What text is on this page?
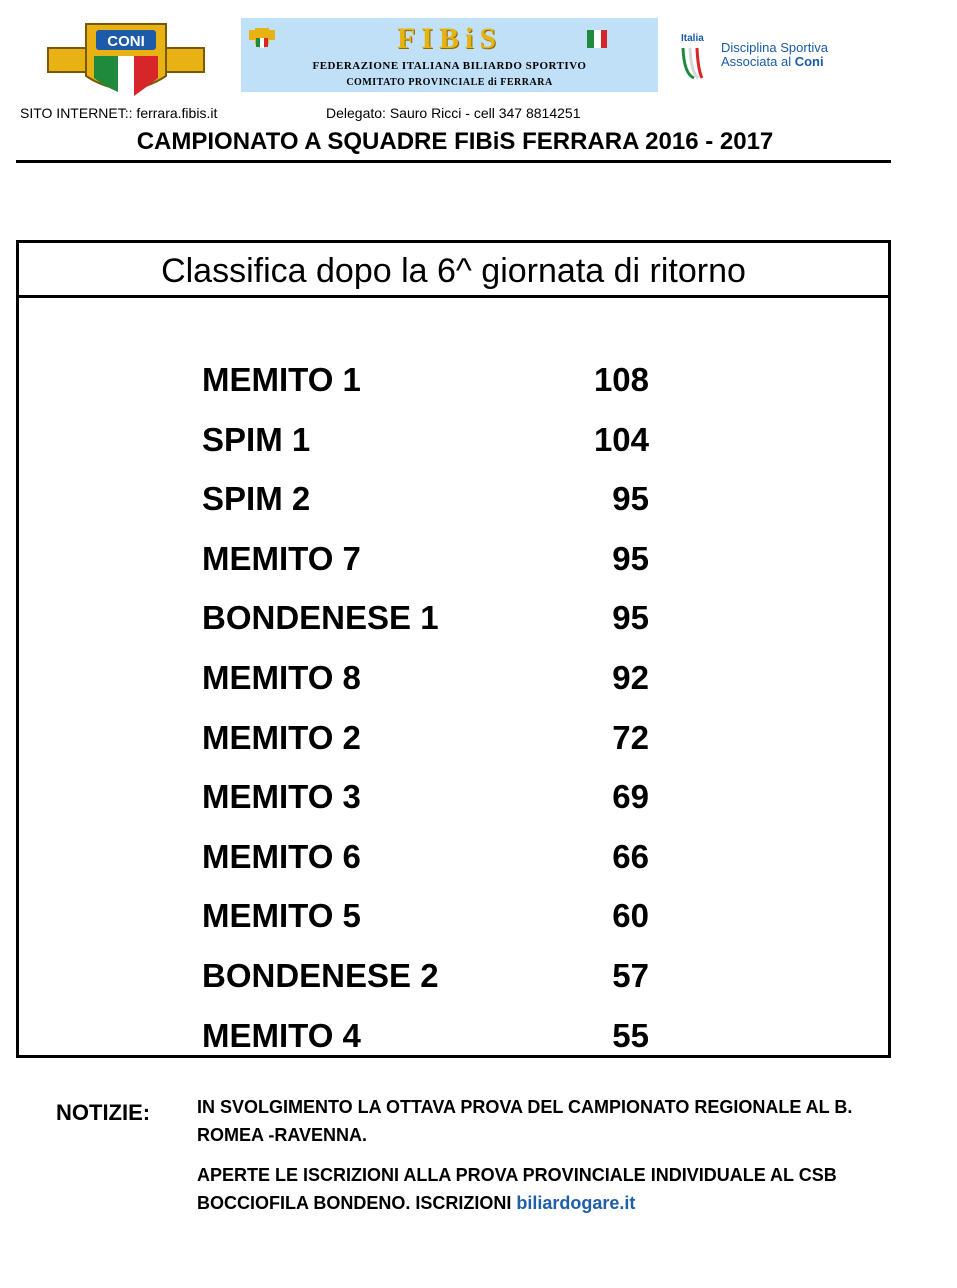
CONI	FIBiS
FEDERAZIONE ITALIANA BILIARDO SPORTIVO
COMITATO PROVINCIALE di FERRARA
Italia
Disciplina Sportiva
Associata al Coni
SITO INTERNET:: ferrara.fibis.it	Delegato: Sauro Ricci - cell 347 8814251
CAMPIONATO A SQUADRE FIBiS FERRARA 2016 - 2017
Classifica dopo la 6^ giornata di ritorno
MEMITO 1	108
SPIM 1	104
SPIM 2	95
MEMITO 7	95
BONDENESE 1	95
MEMITO 8	92
MEMITO 2	72
MEMITO 3	69
MEMITO 6	66
MEMITO 5	60
BONDENESE 2	57
MEMITO 4	55
NOTIZIE:	IN SVOLGIMENTO LA OTTAVA PROVA DEL CAMPIONATO REGIONALE AL B. ROMEA -RAVENNA.
APERTE LE ISCRIZIONI ALLA PROVA PROVINCIALE INDIVIDUALE AL CSB BOCCIOFILA BONDENO. ISCRIZIONI biliardogare.it
